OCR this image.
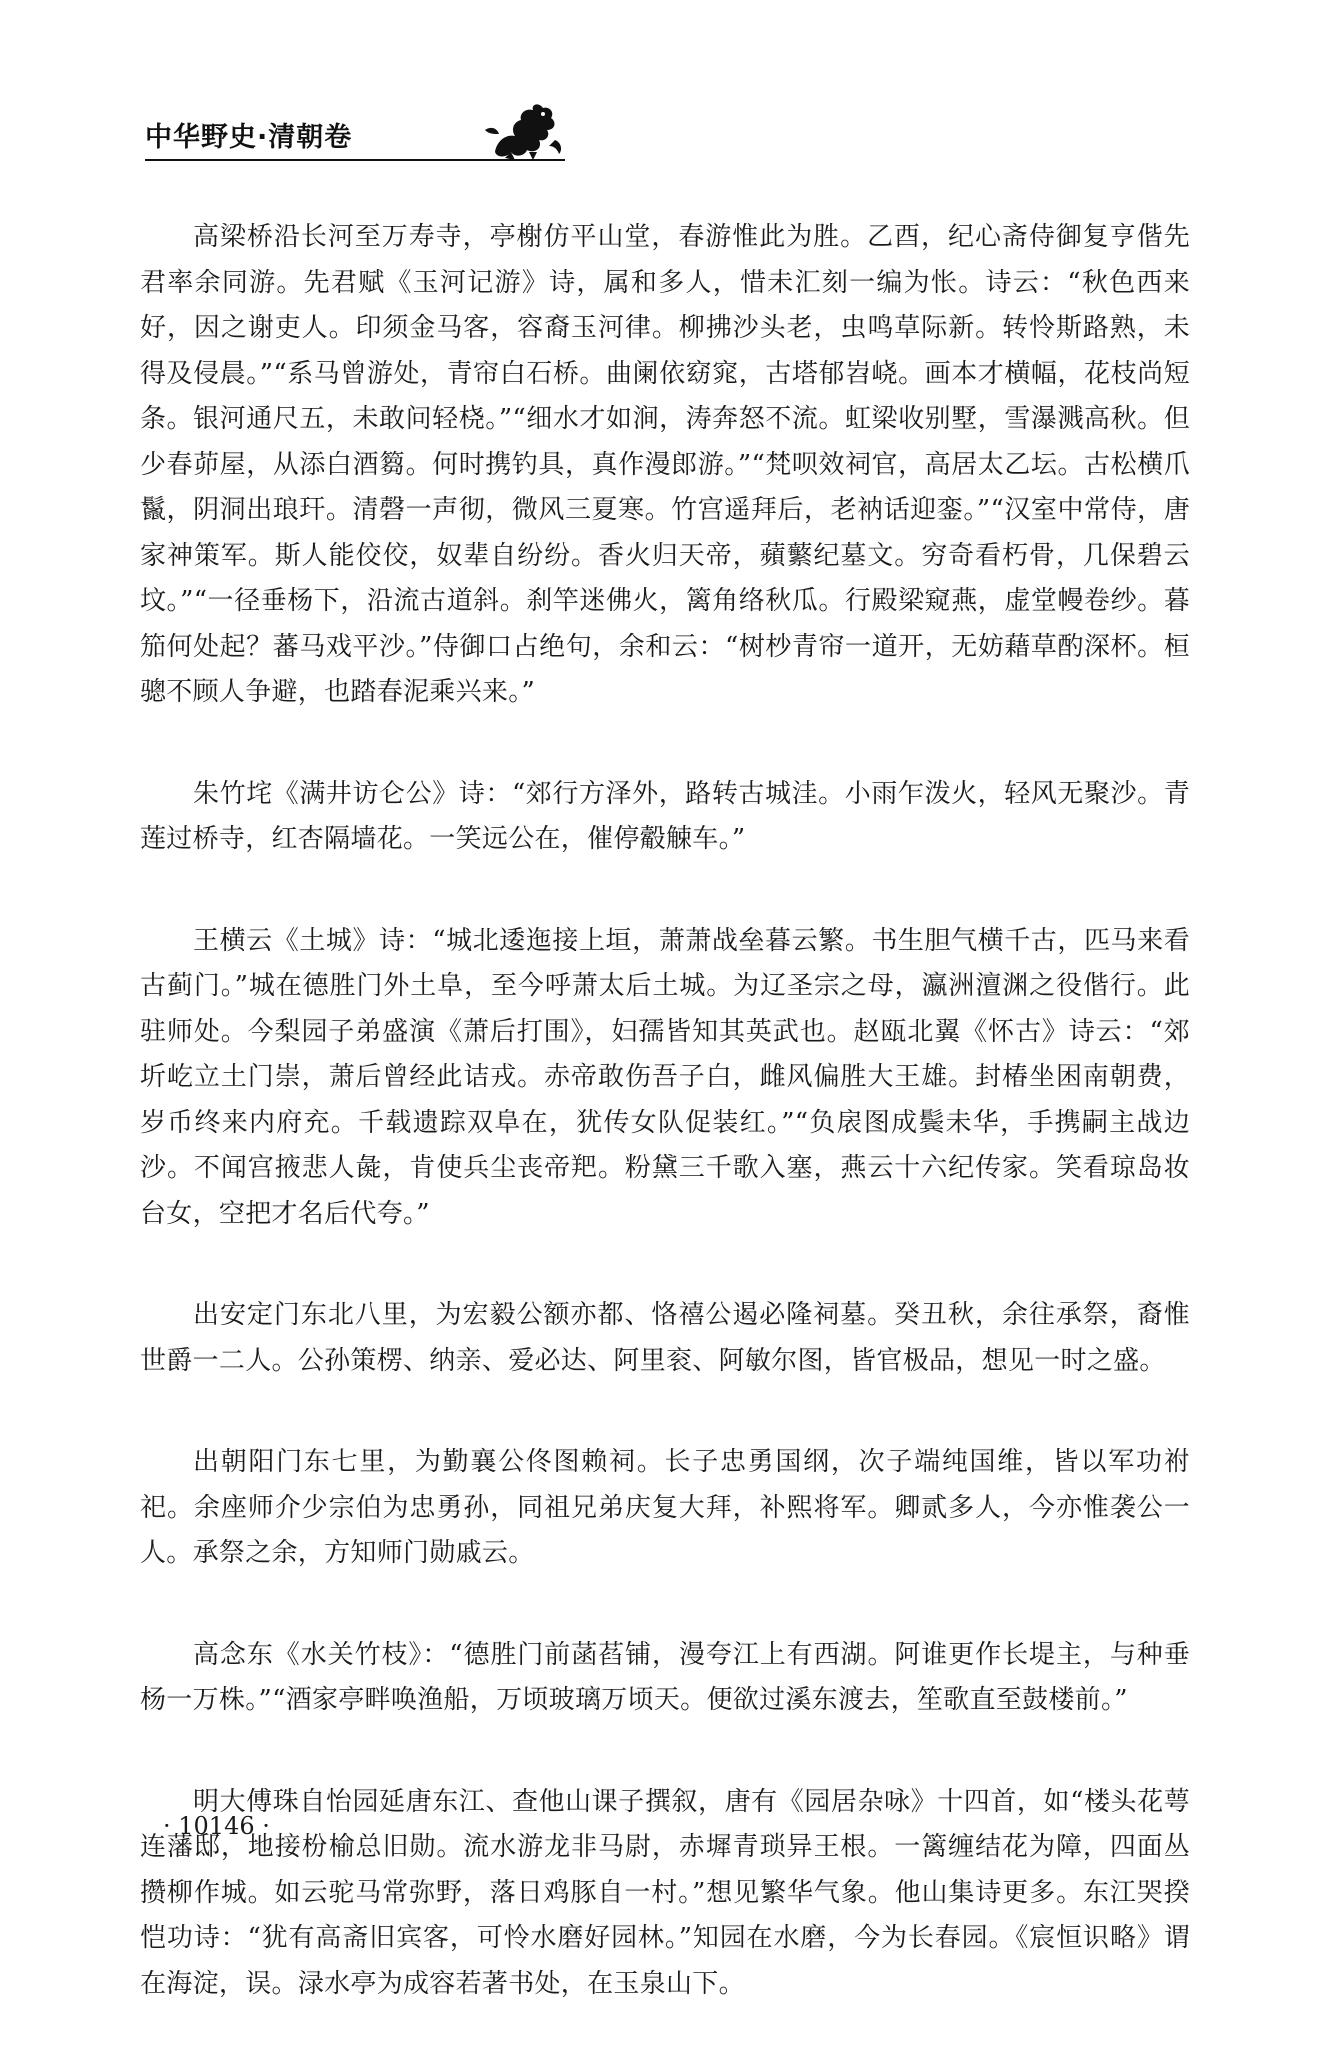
中华野史·清朝卷

高梁桥沿长河至万寿寺，亭榭仿平山堂，春游惟此为胜。乙酉，纪心斋侍御复亨偕先君率余同游。先君赋《玉河记游》诗，属和多人，惜未汇刻一编为怅。诗云：“秋色西来好，因之谢吏人。印须金马客，容裔玉河律。柳拂沙头老，虫鸣草际新。转怜斯路熟，未得及侵晨。”“系马曾游处，青帘白石桥。曲阑依窈窕，古塔郁岧峣。画本才横幅，花枝尚短条。银河通尺五，未敢问轻桡。”“细水才如涧，涛奔怒不流。虹梁收别墅，雪瀑溅高秋。但少春茆屋，从添白酒篘。何时携钓具，真作漫郎游。”“梵呗效祠官，高居太乙坛。古松横爪鬣，阴洞出琅玕。清磬一声彻，微风三夏寒。竹宫遥拜后，老衲话迎銮。”“汉室中常侍，唐家神策军。斯人能佼佼，奴辈自纷纷。香火归天帝，蘋蘩纪墓文。穷奇看朽骨，几保碧云坟。”“一径垂杨下，沿流古道斜。刹竿迷佛火，篱角络秋瓜。行殿梁窥燕，虚堂幔卷纱。暮笳何处起？蕃马戏平沙。”侍御口占绝句，余和云：“树杪青帘一道开，无妨藉草酌深杯。桓骢不顾人争避，也踏春泥乘兴来。”

朱竹垞《满井访仑公》诗：“郊行方泽外，路转古城洼。小雨乍泼火，轻风无聚沙。青莲过桥寺，红杏隔墙花。一笑远公在，催停觳觫车。”

王横云《土城》诗：“城北逶迤接上垣，萧萧战垒暮云繁。书生胆气横千古，匹马来看古蓟门。”城在德胜门外土阜，至今呼萧太后土城。为辽圣宗之母，瀛洲澶渊之役偕行。此驻师处。今梨园子弟盛演《萧后打围》，妇孺皆知其英武也。赵瓯北翼《怀古》诗云：“郊圻屹立土门崇，萧后曾经此诘戎。赤帝敢伤吾子白，雌风偏胜大王雄。封椿坐困南朝费，岁币终来内府充。千载遗踪双阜在，犹传女队促装红。”“负扆图成鬓未华，手携嗣主战边沙。不闻宫掖悲人彘，肯使兵尘丧帝羓。粉黛三千歌入塞，燕云十六纪传家。笑看琼岛妆台女，空把才名后代夸。”

出安定门东北八里，为宏毅公额亦都、恪禧公遏必隆祠墓。癸丑秋，余往承祭，裔惟世爵一二人。公孙策楞、纳亲、爱必达、阿里衮、阿敏尔图，皆官极品，想见一时之盛。

出朝阳门东七里，为勤襄公佟图赖祠。长子忠勇国纲，次子端纯国维，皆以军功祔祀。余座师介少宗伯为忠勇孙，同祖兄弟庆复大拜，补熙将军。卿贰多人，今亦惟袭公一人。承祭之余，方知师门勋戚云。

高念东《水关竹枝》：“德胜门前菡萏铺，漫夸江上有西湖。阿谁更作长堤主，与种垂杨一万株。”“酒家亭畔唤渔船，万顷玻璃万顷天。便欲过溪东渡去，笙歌直至鼓楼前。”

明大傅珠自怡园延唐东江、查他山课子撰叙，唐有《园居杂咏》十四首，如“楼头花萼连藩邸，地接枌榆总旧勋。流水游龙非马尉，赤墀青琐异王根。一篱缠结花为障，四面丛攒柳作城。如云驼马常弥野，落日鸡豚自一村。”想见繁华气象。他山集诗更多。东江哭揆恺功诗：“犹有高斋旧宾客，可怜水磨好园林。”知园在水磨，今为长春园。《宸恒识略》谓在海淀，误。渌水亭为成容若著书处，在玉泉山下。

· 10146 ·
